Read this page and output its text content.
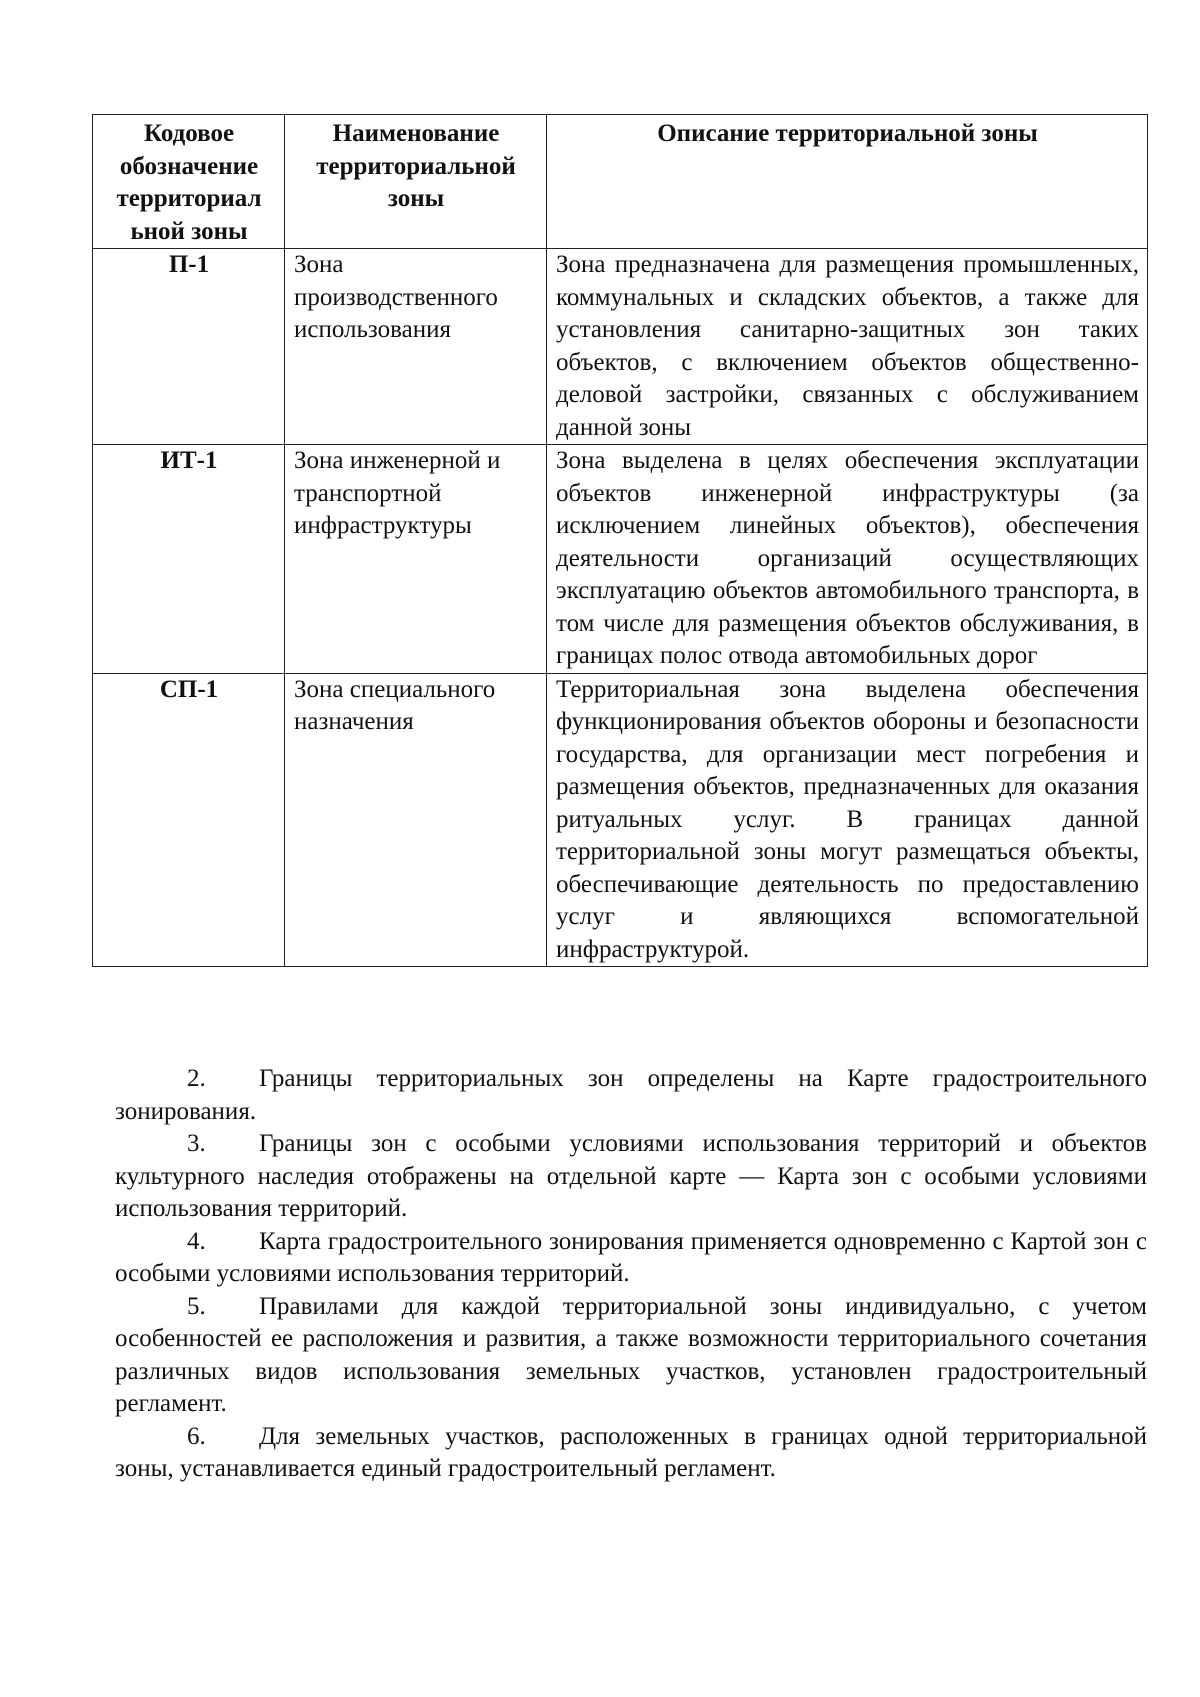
Кодовое обозначение территориал ьной зоны	Наименование территориальной зоны	Описание территориальной зоны
П-1	Зона производственного использования	Зона предназначена для размещения промышленных, коммунальных и складских объектов, а также для установления санитарно-защитных зон таких объектов, с включением объектов общественно-деловой застройки, связанных с обслуживанием данной зоны
ИТ-1	Зона инженерной и транспортной инфраструктуры	Зона выделена в целях обеспечения эксплуатации объектов инженерной инфраструктуры (за исключением линейных объектов), обеспечения деятельности организаций осуществляющих эксплуатацию объектов автомобильного транспорта, в том числе для размещения объектов обслуживания, в границах полос отвода автомобильных дорог
СП-1	Зона специального назначения	Территориальная зона выделена обеспечения функционирования объектов обороны и безопасности государства, для организации мест погребения и размещения объектов, предназначенных для оказания ритуальных услуг. В границах данной территориальной зоны могут размещаться объекты, обеспечивающие деятельность по предоставлению услуг и являющихся вспомогательной инфраструктурой.

2. Границы территориальных зон определены на Карте градостроительного зонирования.

3. Границы зон с особыми условиями использования территорий и объектов культурного наследия отображены на отдельной карте — Карта зон с особыми условиями использования территорий.

4. Карта градостроительного зонирования применяется одновременно с Картой зон с особыми условиями использования территорий.

5. Правилами для каждой территориальной зоны индивидуально, с учетом особенностей ее расположения и развития, а также возможности территориального сочетания различных видов использования земельных участков, установлен градостроительный регламент.

6. Для земельных участков, расположенных в границах одной территориальной зоны, устанавливается единый градостроительный регламент.
